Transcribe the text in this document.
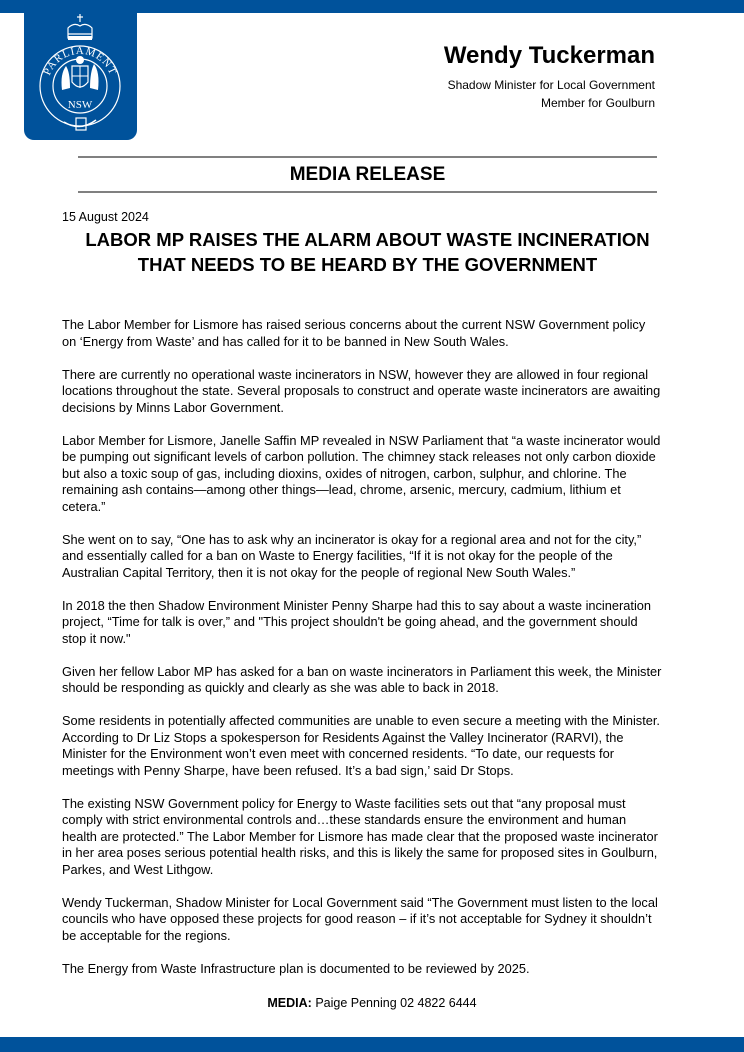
NSW
PARLIAMENT
Wendy Tuckerman
Shadow Minister for Local Government
Member for Goulburn
MEDIA RELEASE
15 August 2024
LABOR MP RAISES THE ALARM ABOUT WASTE INCINERATION THAT NEEDS TO BE HEARD BY THE GOVERNMENT

The Labor Member for Lismore has raised serious concerns about the current NSW Government policy on ‘Energy from Waste’ and has called for it to be banned in New South Wales.

There are currently no operational waste incinerators in NSW, however they are allowed in four regional locations throughout the state. Several proposals to construct and operate waste incinerators are awaiting decisions by Minns Labor Government.

Labor Member for Lismore, Janelle Saffin MP revealed in NSW Parliament that “a waste incinerator would be pumping out significant levels of carbon pollution. The chimney stack releases not only carbon dioxide but also a toxic soup of gas, including dioxins, oxides of nitrogen, carbon, sulphur, and chlorine. The remaining ash contains—among other things—lead, chrome, arsenic, mercury, cadmium, lithium et cetera.”

She went on to say, “One has to ask why an incinerator is okay for a regional area and not for the city,” and essentially called for a ban on Waste to Energy facilities, “If it is not okay for the people of the Australian Capital Territory, then it is not okay for the people of regional New South Wales.”

In 2018 the then Shadow Environment Minister Penny Sharpe had this to say about a waste incineration project, “Time for talk is over,” and "This project shouldn't be going ahead, and the government should stop it now."

Given her fellow Labor MP has asked for a ban on waste incinerators in Parliament this week, the Minister should be responding as quickly and clearly as she was able to back in 2018.

Some residents in potentially affected communities are unable to even secure a meeting with the Minister. According to Dr Liz Stops a spokesperson for Residents Against the Valley Incinerator (RARVI), the Minister for the Environment won’t even meet with concerned residents. “To date, our requests for meetings with Penny Sharpe, have been refused. It’s a bad sign,’ said Dr Stops.

The existing NSW Government policy for Energy to Waste facilities sets out that “any proposal must comply with strict environmental controls and…these standards ensure the environment and human health are protected.” The Labor Member for Lismore has made clear that the proposed waste incinerator in her area poses serious potential health risks, and this is likely the same for proposed sites in Goulburn, Parkes, and West Lithgow.

Wendy Tuckerman, Shadow Minister for Local Government said “The Government must listen to the local councils who have opposed these projects for good reason – if it’s not acceptable for Sydney it shouldn’t be acceptable for the regions.

The Energy from Waste Infrastructure plan is documented to be reviewed by 2025.

MEDIA: Paige Penning 02 4822 6444
